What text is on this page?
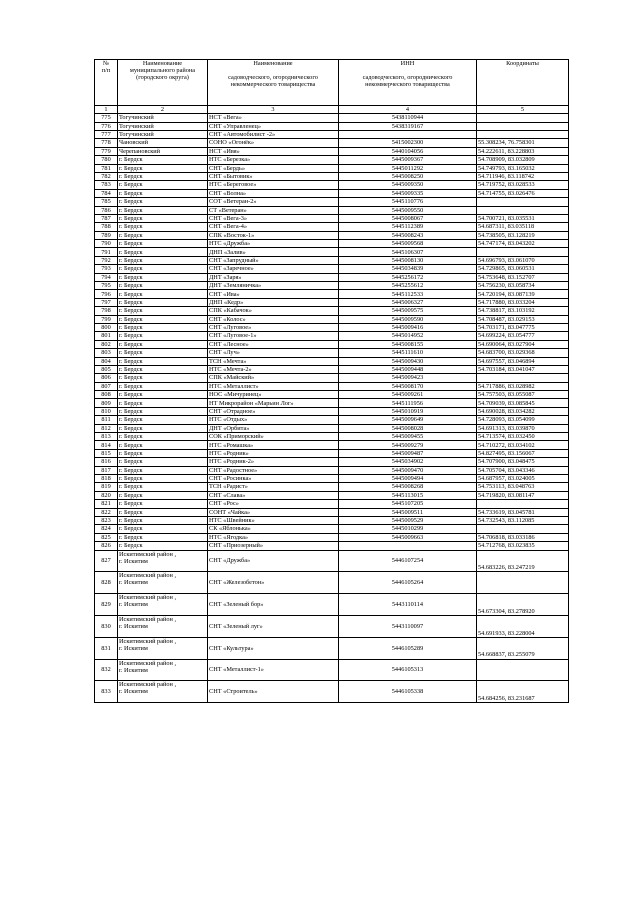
№
п/п	Наименование
муниципального района
(городского округа)	Наименование
садоводческого, огороднического
некоммерческого товарищества	ИНН
садоводческого, огороднического
некоммерческого товарищества	Координаты

1	2	3	4	5
775	Тогучинский	НСТ «Вега»	5438110944	
776	Тогучинский	СНТ «Управленец»	5438319167	
777	Тогучинский	СНТ «Автомобилист -2»		
778	Чановский	СОНО «Огонёк»	5415002300	55.308234, 76.758301
779	Черепановский	НСТ «Ивя»	5440104056	54.222611, 83.228803
780	г. Бердск	НТС «Березка»	5445009367	54.708909, 83.032809
781	г. Бердск	СНТ «Бердь»	5445011292	54.749793, 83.165032
782	г. Бердск	СНТ «Бытовик»	5445008250	54.711946, 83.118742
783	г. Бердск	НТС «Береговое»	5445009350	54.719752, 83.028533
784	г. Бердск	СНТ «Волна»	5445009335	54.714755, 83.026476
785	г. Бердск	СОТ «Ветеран-2»	5445110776	
786	г. Бердск	СТ «Ветеран»	5445009550	
787	г. Бердск	СНТ «Вега-3»	5445008067	54.700721, 83.035531
788	г. Бердск	СНТ «Вега-4»	5445112389	54.687311, 83.035118
789	г. Бердск	СПК «Восток-1»	5445008243	54.738505, 83.128219
790	г. Бердск	НТС «Дружба»	5445009568	54.747174, 83.043202
791	г. Бердск	ДНП «Залив»	5445106307	
792	г. Бердск	СНТ «Запрудный»	5445008130	54.696793, 83.061070
793	г. Бердск	СНТ «Заречное»	5445034839	54.729865, 83.060531
794	г. Бердск	ДНТ «Заря»	5445256172	54.753648, 83.152707
795	г. Бердск	ДНТ «Земляничка»	5445255612	54.756230, 83.058734
796	г. Бердск	СНТ «Ива»	5445112533	54.720194, 83.087139
797	г. Бердск	ДНП «Кедр»	5445006327	54.717880, 83.033204
798	г. Бердск	СПК «Кабачок»	5445009575	54.738817, 83.103192
799	г. Бердск	СНТ «Колос»	5445009590	54.708487, 83.029153
800	г. Бердск	СНТ «Луговое»	5445009416	54.703171, 83.047775
801	г. Бердск	СНТ «Луговое-1»	5445014952	54.699224, 83.054777
802	г. Бердск	СНТ «Лесное»	5445008155	54.690064, 83.027904
803	г. Бердск	СНТ «Луч»	5445111610	54.683700, 83.029368
804	г. Бердск	ТСН «Мечта»	5445009430	54.697557, 83.046894
805	г. Бердск	НТС «Мечта-2»	5445009448	54.703184, 83.041047
806	г. Бердск	СПК «Майский»	5445009423	
807	г. Бердск	НТС «Металлист»	5445008170	54.717886, 83.028982
808	г. Бердск	НОС «Мичуринец»	5445009261	54.757503, 83.055087
809	г. Бердск	НТ Микрорайон «Марьин Лог»	5445111956	54.709039, 83.085845
810	г. Бердск	СНТ «Отрадное»	5445010919	54.690028, 83.034282
811	г. Бердск	НТС «Отдых»	5445009649	54.728093, 83.054099
812	г. Бердск	ДНТ «Орбита»	5445008028	54.691313, 83.039870
813	г. Бердск	СОК «Приморский»	5445009455	54.713574, 83.032450
814	г. Бердск	НТС «Ромашка»	5445009279	54.710272, 83.034102
815	г. Бердск	НТС «Родник»	5445009487	54.827495, 83.156067
816	г. Бердск	НТС «Родник-2»	5445034902	54.707900, 83.048475
817	г. Бердск	СНТ «Радостное»	5445009470	54.705704, 83.043346
818	г. Бердск	СНТ «Росинка»	5445009494	54.687957, 83.024005
819	г. Бердск	ТСН «Радист»	5445008268	54.753113, 83.048763
820	г. Бердск	СНТ «Слава»	5445113015	54.719820, 83.081147
821	г. Бердск	СНТ «Рос»	5445107205	
822	г. Бердск	СОНТ «Чайка»	5445009511	54.733619, 83.045781
823	г. Бердск	НТС «Швейник»	5445009529	54.732543, 83.112085
824	г. Бердск	СК «Яблонька»	5445010299	
825	г. Бердск	НТС «Ягодка»	5445009663	54.706818, 83.033186
826	г. Бердск	СНТ «Приозерный»		54.712768, 83.023835
827	Искитимский район ,
г. Искитим	СНТ «Дружба»	5446107254	54.683226, 83.247219
828	Искитимский район ,
г. Искитим	СНТ «Железобетон»	5446105264	
829	Искитимский район ,
г. Искитим	СНТ «Зеленый бор»	5443110114	54.673304, 83.278920
830	Искитимский район ,
г. Искитим	СНТ «Зеленый луг»	5443110097	54.691933, 83.228004
831	Искитимский район ,
г. Искитим	СНТ «Культура»	5446105289	54.668837, 83.255079
832	Искитимский район ,
г. Искитим	СНТ «Металлист-1»	5446105313	
833	Искитимский район ,
г. Искитим	СНТ «Строитель»	5446105338	54.684256, 83.231687
